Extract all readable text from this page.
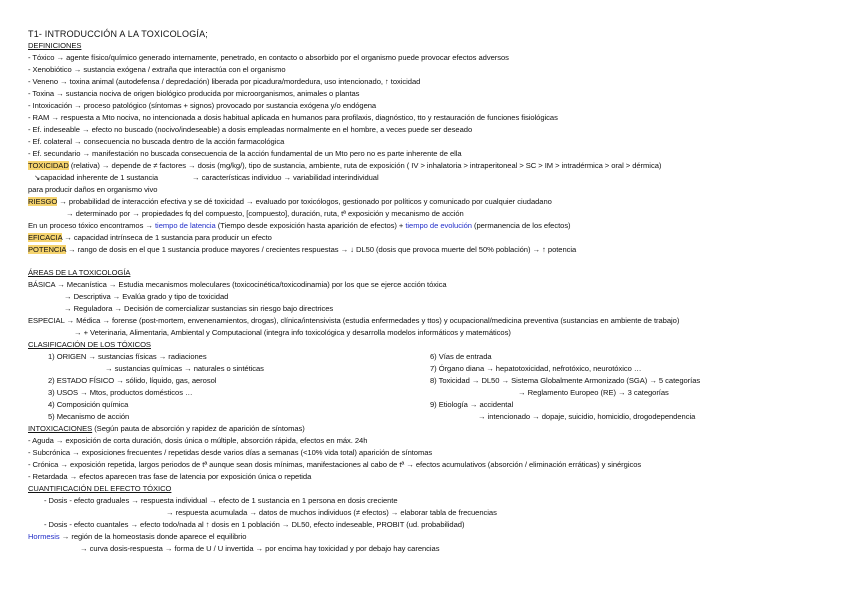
T1- INTRODUCCIÓN A LA TOXICOLOGÍA;
DEFINICIONES
- Tóxico → agente físico/químico generado internamente, penetrado, en contacto o absorbido por el organismo puede provocar efectos adversos
- Xenobiótico → sustancia exógena / extraña que interactúa con el organismo
- Veneno → toxina animal (autodefensa / depredación) liberada por picadura/mordedura, uso intencionado, ↑ toxicidad
- Toxina → sustancia nociva de origen biológico producida por microorganismos, animales o plantas
- Intoxicación → proceso patológico (síntomas + signos) provocado por sustancia exógena y/o endógena
- RAM → respuesta a Mto nociva, no intencionada a dosis habitual aplicada en humanos para profilaxis, diagnóstico, tto y restauración de funciones fisiológicas
- Ef. indeseable → efecto no buscado (nocivo/indeseable) a dosis empleadas normalmente en el hombre, a veces puede ser deseado
- Ef. colateral → consecuencia no buscada dentro de la acción farmacológica
- Ef. secundario → manifestación no buscada consecuencia de la acción fundamental de un Mto pero no es parte inherente de ella
TOXICIDAD (relativa) → depende de ≠ factores → dosis (mg/kg/), tipo de sustancia, ambiente, ruta de exposición ( IV > inhalatoria > intraperitoneal > SC > IM > intradérmica > oral > dérmica)
↘capacidad inherente de 1 sustancia	→ características individuo → variabilidad interindividual
para producir daños en organismo vivo
RIESGO → probabilidad de interacción efectiva y se dé toxicidad → evaluado por toxicólogos, gestionado por políticos y comunicado por cualquier ciudadano
→ determinado por → propiedades fq del compuesto, [compuesto], duración, ruta, tª exposición y mecanismo de acción
En un proceso tóxico encontramos → tiempo de latencia (Tiempo desde exposición hasta aparición de efectos) + tiempo de evolución (permanencia de los efectos)
EFICACIA → capacidad intrínseca de 1 sustancia para producir un efecto
POTENCIA → rango de dosis en el que 1 sustancia produce mayores / crecientes respuestas → ↓ DL50 (dosis que provoca muerte del 50% población) → ↑ potencia
ÁREAS DE LA TOXICOLOGÍA
BÁSICA → Mecanística → Estudia mecanismos moleculares (toxicocinética/toxicodinamia) por los que se ejerce acción tóxica
→ Descriptiva → Evalúa grado y tipo de toxicidad
→ Reguladora → Decisión de comercializar sustancias sin riesgo bajo directrices
ESPECIAL → Médica → forense (post-mortem, envenenamientos, drogas), clínica/intensivista (estudia enfermedades y ttos) y ocupacional/medicina preventiva (sustancias en ambiente de trabajo)
→ + Veterinaria, Alimentaria, Ambiental y Computacional (integra info toxicológica y desarrolla modelos informáticos y matemáticos)
CLASIFICACIÓN DE LOS TÓXICOS
1) ORIGEN → sustancias físicas → radiaciones
→ sustancias químicas → naturales o sintéticas
2) ESTADO FÍSICO → sólido, líquido, gas, aerosol
3) USOS → Mtos, productos domésticos …
4) Composición química
5) Mecanismo de acción
6) Vías de entrada
7) Órgano diana → hepatotoxicidad, nefrotóxico, neurotóxico …
8) Toxicidad → DL50 → Sistema Globalmente Armonizado (SGA) → 5 categorías
→ Reglamento Europeo (RE) → 3 categorías
9) Etiología → accidental
→ intencionado → dopaje, suicidio, homicidio, drogodependencia
INTOXICACIONES (Según pauta de absorción y rapidez de aparición de síntomas)
- Aguda → exposición de corta duración, dosis única o múltiple, absorción rápida, efectos en máx. 24h
- Subcrónica → exposiciones frecuentes / repetidas desde varios días a semanas (<10% vida total) aparición de síntomas
- Crónica → exposición repetida, largos periodos de tª aunque sean dosis mínimas, manifestaciones al cabo de tª → efectos acumulativos (absorción / eliminación erráticas) y sinérgicos
- Retardada → efectos aparecen tras fase de latencia por exposición única o repetida
CUANTIFICACIÓN DEL EFECTO TÓXICO
- Dosis - efecto graduales → respuesta individual → efecto de 1 sustancia en 1 persona en dosis creciente
→ respuesta acumulada → datos de muchos individuos (≠ efectos) → elaborar tabla de frecuencias
- Dosis - efecto cuantales → efecto todo/nada al ↑ dosis en 1 población → DL50, efecto indeseable, PROBIT (ud. probabilidad)
Hormesis → región de la homeostasis donde aparece el equilibrio
→ curva dosis-respuesta → forma de U / U invertida → por encima hay toxicidad y por debajo hay carencias
